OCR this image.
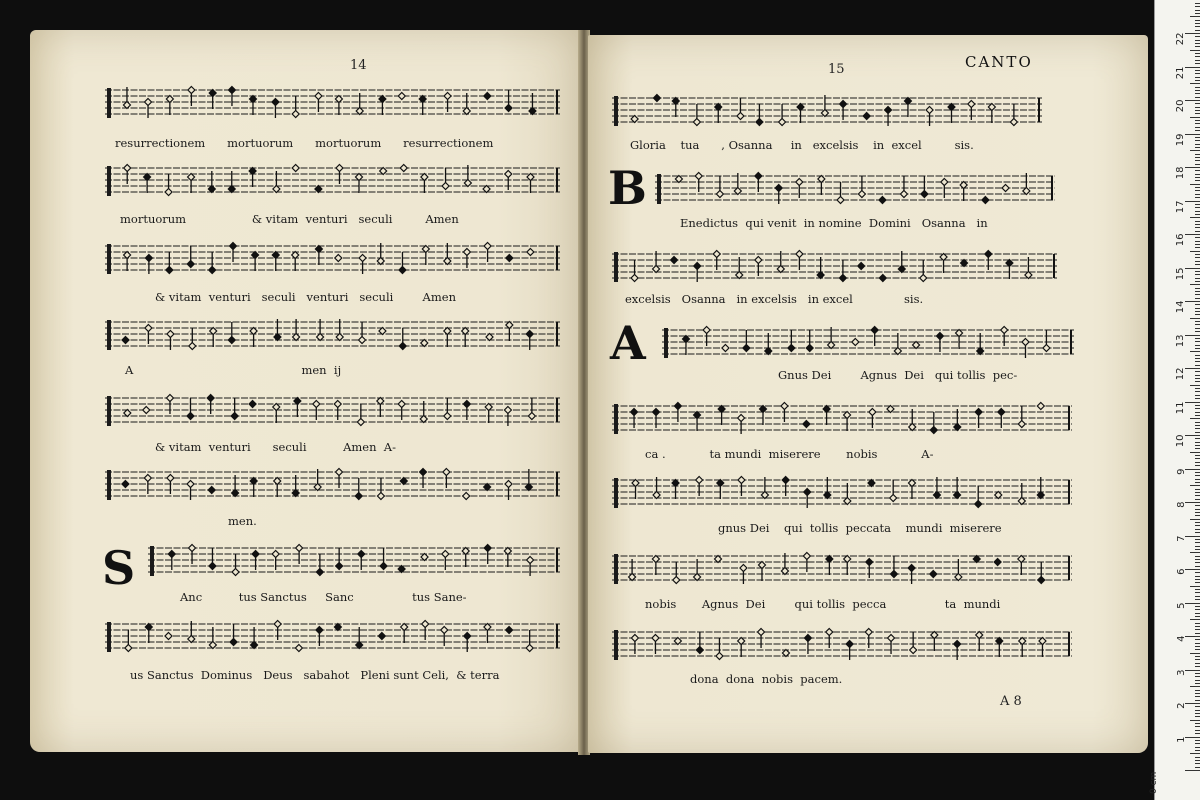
14	15	CANTO
resurrectionem      mortuorum      mortuorum      resurrectionem
mortuorum                  & vitam  venturi   seculi         Amen
& vitam  venturi   seculi   venturi   seculi        Amen
A                                              men  ij
& vitam  venturi      seculi          Amen  A-
men.
S
Anc          tus Sanctus     Sanc                tus Sane-
us Sanctus  Dominus   Deus   sabahot   Pleni sunt Celi,  & terra
Gloria    tua      , Osanna     in   excelsis    in  excel         sis.
B
Enedictus  qui venit  in nomine  Domini   Osanna   in
excelsis   Osanna   in excelsis   in excel              sis.
A
Gnus Dei        Agnus  Dei   qui tollis  pec-
ca .            ta mundi  miserere       nobis            A-
gnus Dei    qui  tollis  peccata    mundi  miserere
nobis       Agnus  Dei        qui tollis  pecca                ta  mundi
dona  dona  nobis  pacem.
A 8
0 cm
1
2
3
4
5
6
7
8
9
10
11
12
13
14
15
16
17
18
19
20
21
22
